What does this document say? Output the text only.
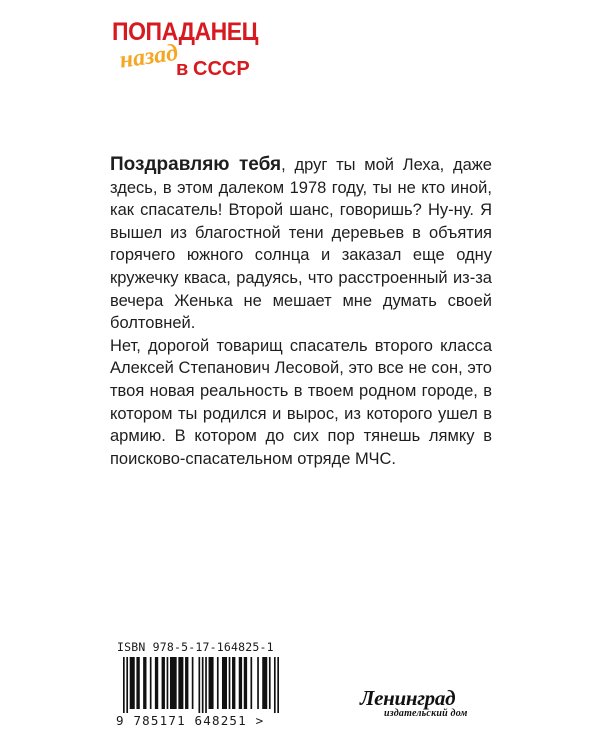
ПОПАДАНЕЦ
назад
в СССР

Поздравляю тебя, друг ты мой Леха, даже здесь, в этом далеком 1978 году, ты не кто иной, как спасатель! Второй шанс, говоришь? Ну-ну. Я вышел из благостной тени деревьев в объятия горячего южного солнца и заказал еще одну кружечку кваса, радуясь, что расстроенный из-за вечера Женька не мешает мне думать своей болтовней.

Нет, дорогой товарищ спасатель второго класса Алексей Степанович Лесовой, это все не сон, это твоя новая реальность в твоем родном городе, в котором ты родился и вырос, из которого ушел в армию. В котором до сих пор тянешь лямку в поисково-спасательном отряде МЧС.

ISBN 978-5-17-164825-1
9 785171 648251 >
Ленинград
издательский дом
